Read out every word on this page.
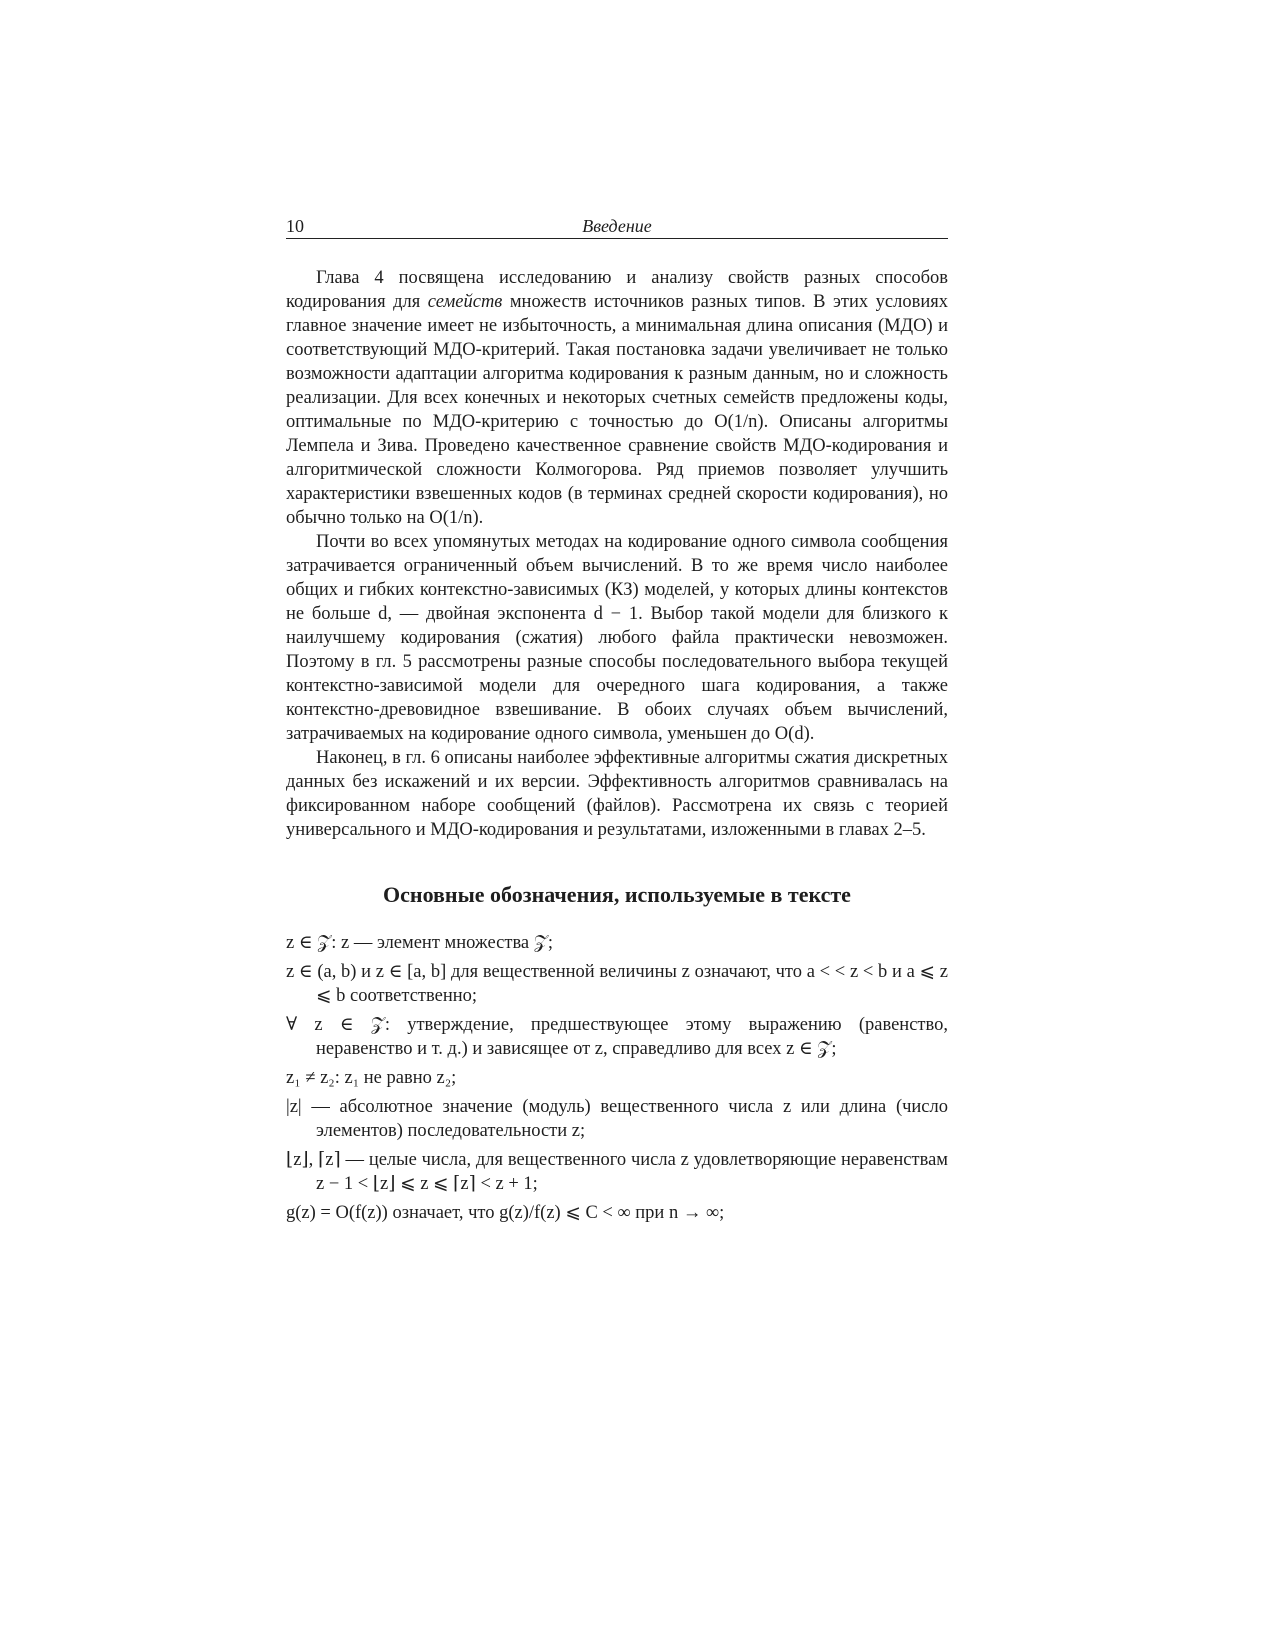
10	Введение

Глава 4 посвящена исследованию и анализу свойств разных способов кодирования для семейств множеств источников разных типов. В этих условиях главное значение имеет не избыточность, а минимальная длина описания (МДО) и соответствующий МДО-критерий. Такая постановка задачи увеличивает не только возможности адаптации алгоритма кодирования к разным данным, но и сложность реализации. Для всех конечных и некоторых счетных семейств предложены коды, оптимальные по МДО-критерию с точностью до O(1/n). Описаны алгоритмы Лемпела и Зива. Проведено качественное сравнение свойств МДО-кодирования и алгоритмической сложности Колмогорова. Ряд приемов позволяет улучшить характеристики взвешенных кодов (в терминах средней скорости кодирования), но обычно только на O(1/n).

Почти во всех упомянутых методах на кодирование одного символа сообщения затрачивается ограниченный объем вычислений. В то же время число наиболее общих и гибких контекстно-зависимых (КЗ) моделей, у которых длины контекстов не больше d, — двойная экспонента d − 1. Выбор такой модели для близкого к наилучшему кодирования (сжатия) любого файла практически невозможен. Поэтому в гл. 5 рассмотрены разные способы последовательного выбора текущей контекстно-зависимой модели для очередного шага кодирования, а также контекстно-древовидное взвешивание. В обоих случаях объем вычислений, затрачиваемых на кодирование одного символа, уменьшен до O(d).

Наконец, в гл. 6 описаны наиболее эффективные алгоритмы сжатия дискретных данных без искажений и их версии. Эффективность алгоритмов сравнивалась на фиксированном наборе сообщений (файлов). Рассмотрена их связь с теорией универсального и МДО-кодирования и результатами, изложенными в главах 2–5.

Основные обозначения, используемые в тексте

z ∈ 𝒵: z — элемент множества 𝒵;

z ∈ (a, b) и z ∈ [a, b] для вещественной величины z означают, что a < < z < b и a ⩽ z ⩽ b соответственно;

∀ z ∈ 𝒵: утверждение, предшествующее этому выражению (равенство, неравенство и т. д.) и зависящее от z, справедливо для всех z ∈ 𝒵;

z₁ ≠ z₂: z₁ не равно z₂;

|z| — абсолютное значение (модуль) вещественного числа z или длина (число элементов) последовательности z;

⌊z⌋, ⌈z⌉ — целые числа, для вещественного числа z удовлетворяющие неравенствам z − 1 < ⌊z⌋ ⩽ z ⩽ ⌈z⌉ < z + 1;

g(z) = O(f(z)) означает, что g(z)/f(z) ⩽ C < ∞ при n → ∞;
